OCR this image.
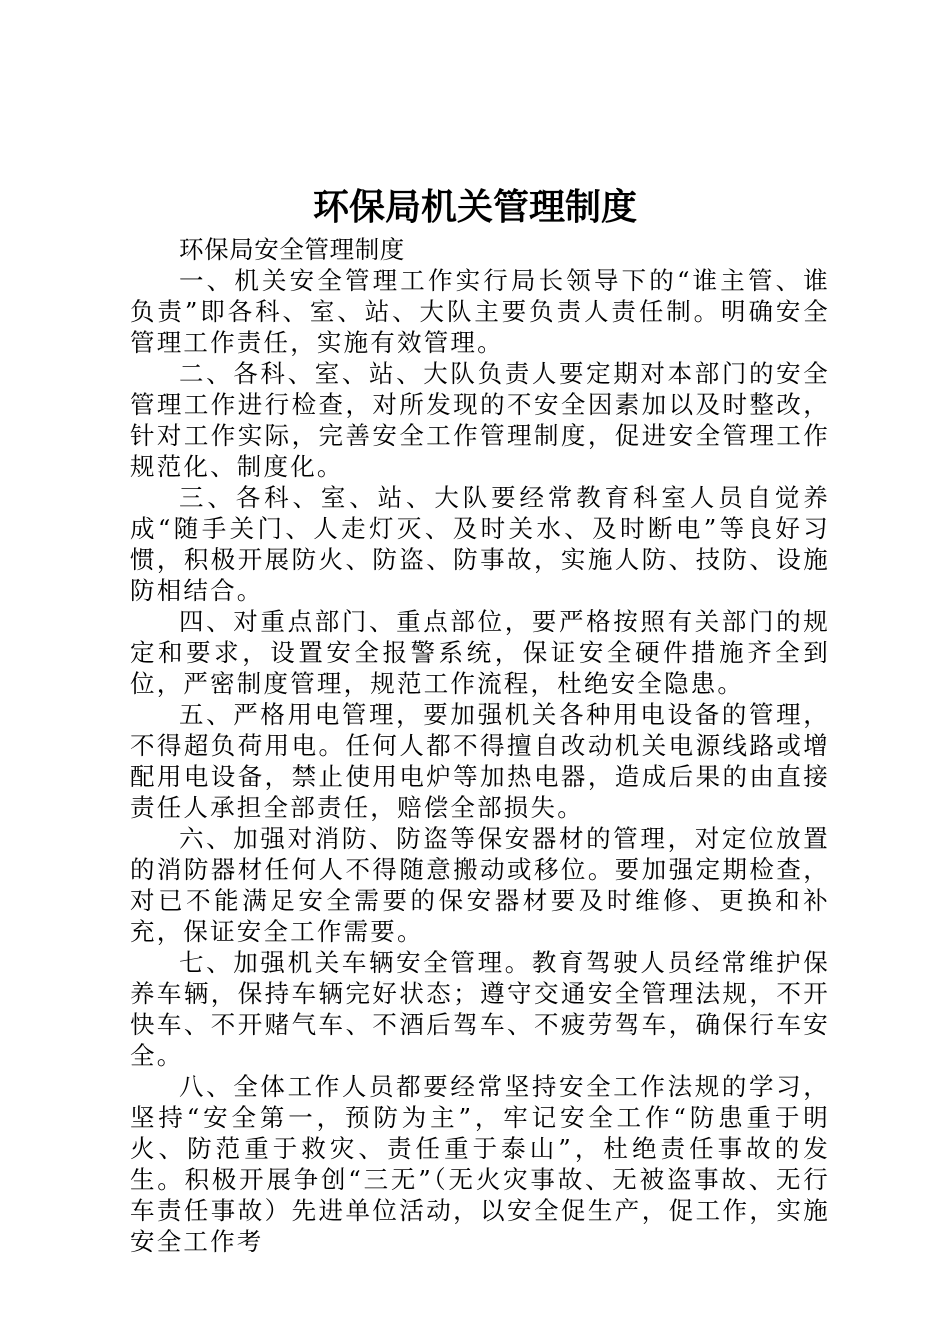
环保局机关管理制度

环保局安全管理制度

一、机关安全管理工作实行局长领导下的“谁主管、谁负责”即各科、室、站、大队主要负责人责任制。明确安全管理工作责任，实施有效管理。

二、各科、室、站、大队负责人要定期对本部门的安全管理工作进行检查，对所发现的不安全因素加以及时整改，针对工作实际，完善安全工作管理制度，促进安全管理工作规范化、制度化。

三、各科、室、站、大队要经常教育科室人员自觉养成“随手关门、人走灯灭、及时关水、及时断电”等良好习惯，积极开展防火、防盗、防事故，实施人防、技防、设施防相结合。

四、对重点部门、重点部位，要严格按照有关部门的规定和要求，设置安全报警系统，保证安全硬件措施齐全到位，严密制度管理，规范工作流程，杜绝安全隐患。

五、严格用电管理，要加强机关各种用电设备的管理，不得超负荷用电。任何人都不得擅自改动机关电源线路或增配用电设备，禁止使用电炉等加热电器，造成后果的由直接责任人承担全部责任，赔偿全部损失。

六、加强对消防、防盗等保安器材的管理，对定位放置的消防器材任何人不得随意搬动或移位。要加强定期检查，对已不能满足安全需要的保安器材要及时维修、更换和补充，保证安全工作需要。

七、加强机关车辆安全管理。教育驾驶人员经常维护保养车辆，保持车辆完好状态；遵守交通安全管理法规，不开快车、不开赌气车、不酒后驾车、不疲劳驾车，确保行车安全。

八、全体工作人员都要经常坚持安全工作法规的学习，坚持“安全第一，预防为主”，牢记安全工作“防患重于明火、防范重于救灾、责任重于泰山”，杜绝责任事故的发生。积极开展争创“三无”（无火灾事故、无被盗事故、无行车责任事故）先进单位活动，以安全促生产，促工作，实施安全工作考
